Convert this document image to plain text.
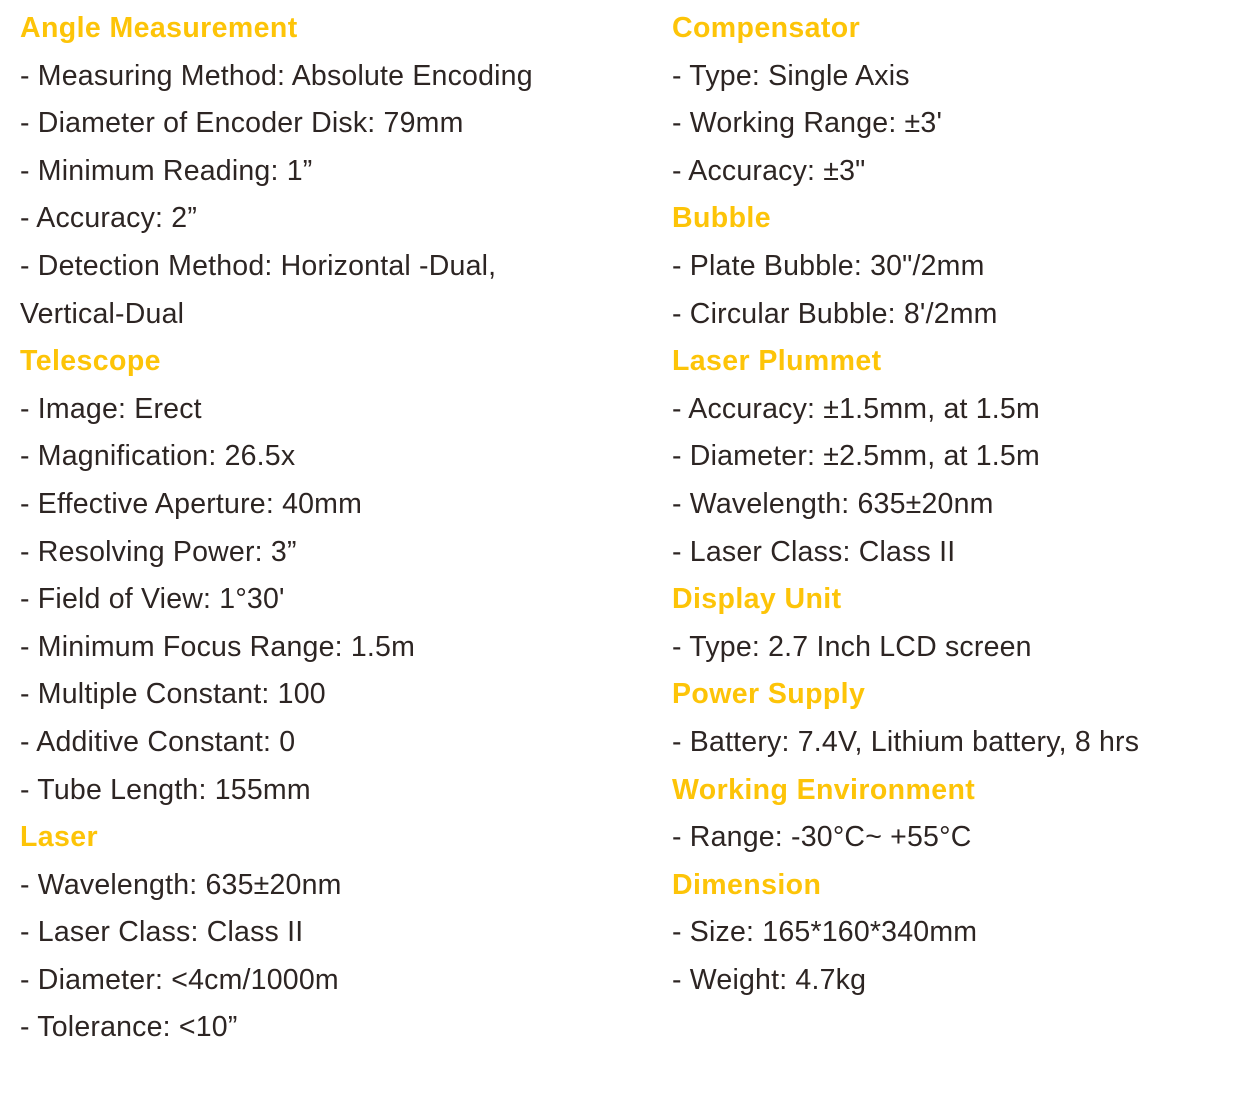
Angle Measurement
- Measuring Method: Absolute Encoding
- Diameter of Encoder Disk: 79mm
- Minimum Reading: 1”
- Accuracy: 2”
- Detection Method: Horizontal -Dual,
Vertical-Dual
Telescope
- Image: Erect
- Magnification: 26.5x
- Effective Aperture: 40mm
- Resolving Power: 3”
- Field of View: 1°30'
- Minimum Focus Range: 1.5m
- Multiple Constant: 100
- Additive Constant: 0
- Tube Length: 155mm
Laser
- Wavelength: 635±20nm
- Laser Class: Class II
- Diameter: <4cm/1000m
- Tolerance: <10”
Compensator
- Type: Single Axis
- Working Range: ±3'
- Accuracy: ±3"
Bubble
- Plate Bubble: 30"/2mm
- Circular Bubble: 8'/2mm
Laser Plummet
- Accuracy: ±1.5mm, at 1.5m
- Diameter: ±2.5mm, at 1.5m
- Wavelength: 635±20nm
- Laser Class: Class II
Display Unit
- Type: 2.7 Inch LCD screen
Power Supply
- Battery: 7.4V, Lithium battery, 8 hrs
Working Environment
- Range: -30°C~ +55°C
Dimension
- Size: 165*160*340mm
- Weight: 4.7kg
